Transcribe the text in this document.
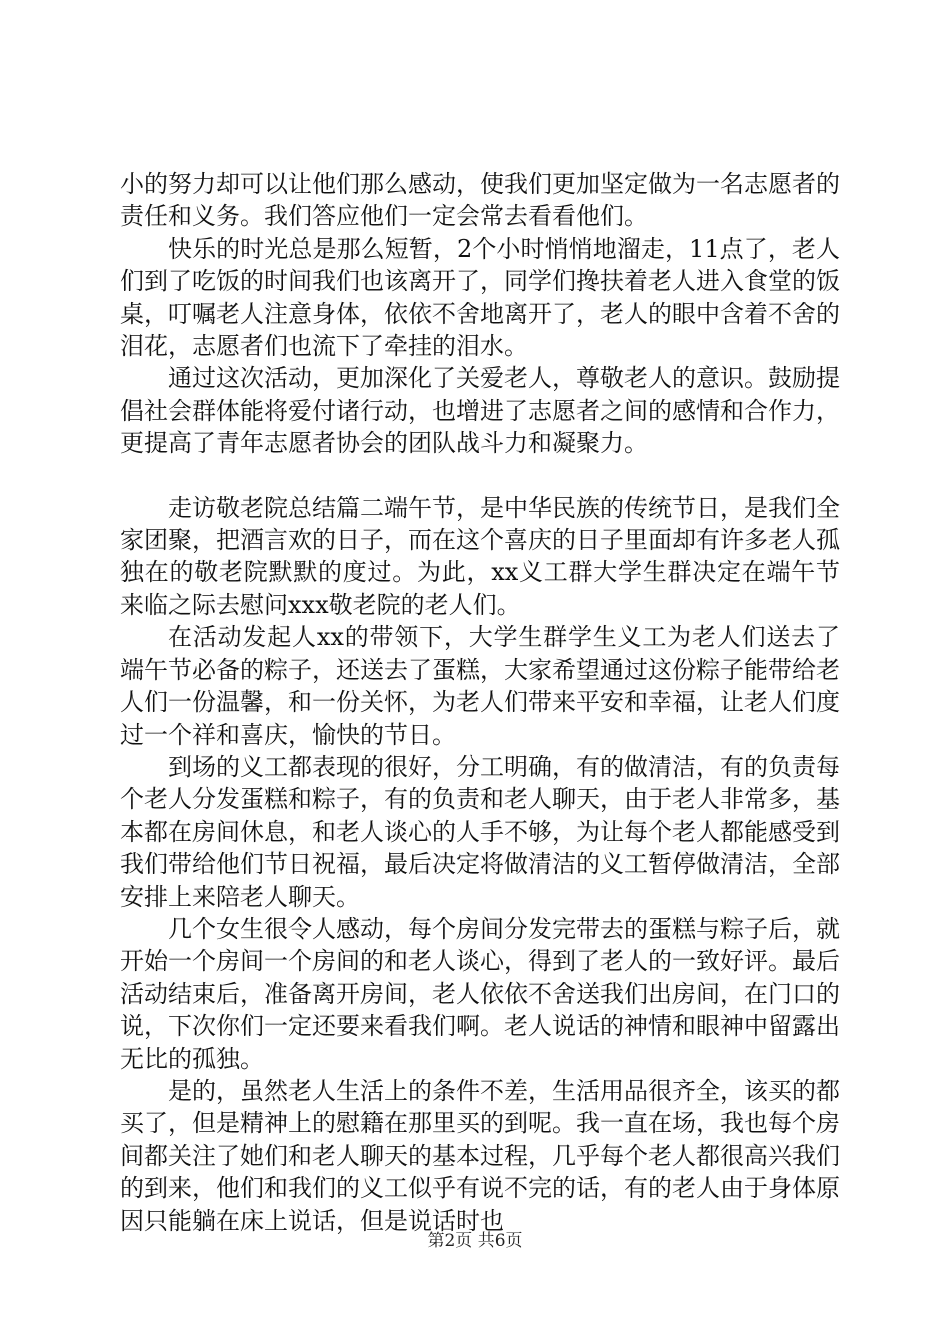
小的努力却可以让他们那么感动，使我们更加坚定做为一名志愿者的责任和义务。我们答应他们一定会常去看看他们。

快乐的时光总是那么短暂，2个小时悄悄地溜走，11点了，老人们到了吃饭的时间我们也该离开了，同学们搀扶着老人进入食堂的饭桌，叮嘱老人注意身体，依依不舍地离开了，老人的眼中含着不舍的泪花，志愿者们也流下了牵挂的泪水。

通过这次活动，更加深化了关爱老人，尊敬老人的意识。鼓励提倡社会群体能将爱付诸行动，也增进了志愿者之间的感情和合作力，更提高了青年志愿者协会的团队战斗力和凝聚力。

走访敬老院总结篇二端午节，是中华民族的传统节日，是我们全家团聚，把酒言欢的日子，而在这个喜庆的日子里面却有许多老人孤独在的敬老院默默的度过。为此，xx义工群大学生群决定在端午节来临之际去慰问xxx敬老院的老人们。

在活动发起人xx的带领下，大学生群学生义工为老人们送去了端午节必备的粽子，还送去了蛋糕，大家希望通过这份粽子能带给老人们一份温馨，和一份关怀，为老人们带来平安和幸福，让老人们度过一个祥和喜庆，愉快的节日。

到场的义工都表现的很好，分工明确，有的做清洁，有的负责每个老人分发蛋糕和粽子，有的负责和老人聊天，由于老人非常多，基本都在房间休息，和老人谈心的人手不够，为让每个老人都能感受到我们带给他们节日祝福，最后决定将做清洁的义工暂停做清洁，全部安排上来陪老人聊天。

几个女生很令人感动，每个房间分发完带去的蛋糕与粽子后，就开始一个房间一个房间的和老人谈心，得到了老人的一致好评。最后活动结束后，准备离开房间，老人依依不舍送我们出房间，在门口的说，下次你们一定还要来看我们啊。老人说话的神情和眼神中留露出无比的孤独。

是的，虽然老人生活上的条件不差，生活用品很齐全，该买的都买了，但是精神上的慰籍在那里买的到呢。我一直在场，我也每个房间都关注了她们和老人聊天的基本过程，几乎每个老人都很高兴我们的到来，他们和我们的义工似乎有说不完的话，有的老人由于身体原因只能躺在床上说话，但是说话时也

第2页 共6页
